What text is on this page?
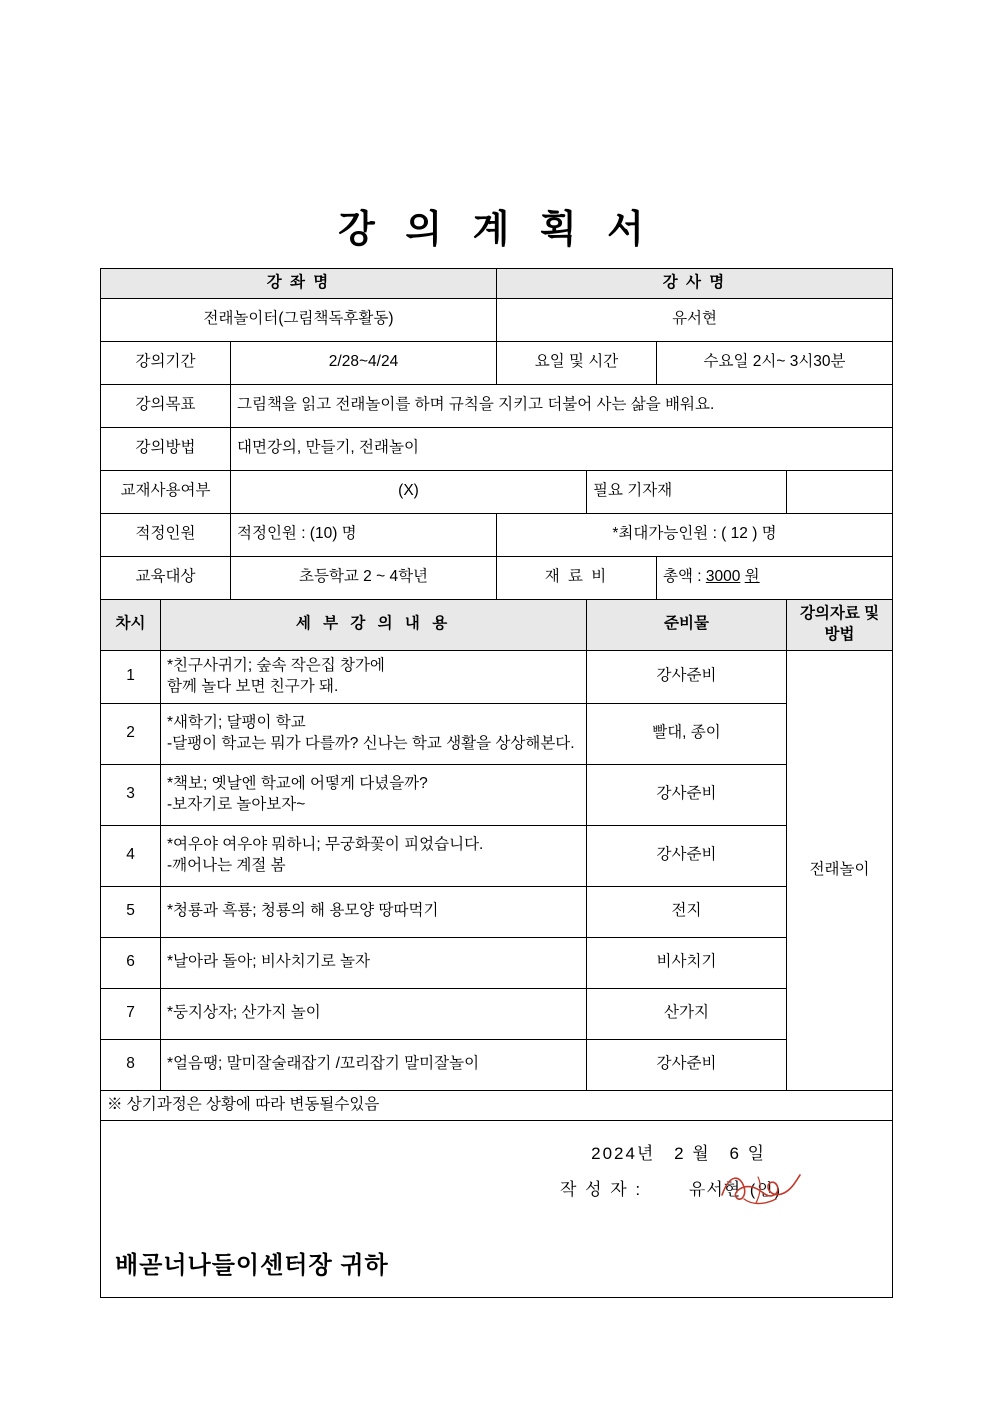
강 의 계 획 서
강 좌 명			강 사 명			
전래놀이터(그림책독후활동)			유서현			
강의기간		2/28~4/24	요일 및 시간		수요일 2시~ 3시30분	
강의목표		그림책을 읽고 전래놀이를 하며 규칙을 지키고 더불어 사는 삶을 배워요.				
강의방법		대면강의, 만들기, 전래놀이				
교재사용여부		(X)		필요 기자재		
적정인원		적정인원 : (10) 명	*최대가능인원 : ( 12 ) 명			
교육대상		초등학교 2 ~ 4학년	재 료 비		총액 : 3000 원	
차시	세 부 강 의 내 용			준비물		강의자료 및 방법
1	*친구사귀기; 숲속 작은집 창가에
함께 놀다 보면 친구가 돼.			강사준비		전래놀이
2	*새학기; 달팽이 학교
-달팽이 학교는 뭐가 다를까? 신나는 학교 생활을 상상해본다.			빨대, 종이		
3	*책보; 옛날엔 학교에 어떻게 다녔을까?
-보자기로 놀아보자~			강사준비		
4	*여우야 여우야 뭐하니; 무궁화꽃이 피었습니다.
-깨어나는 계절 봄			강사준비		
5	*청룡과 흑룡; 청룡의 해 용모양 땅따먹기			전지		
6	*날아라 돌아; 비사치기로 놀자			비사치기		
7	*둥지상자; 산가지 놀이			산가지		
8	*얼음땡; 말미잘술래잡기 /꼬리잡기 말미잘놀이			강사준비		
※ 상기과정은 상황에 따라 변동될수있음						

2024년 2 월 6 일
작 성 자 : 유서현 (인)
배곧너나들이센터장 귀하						
